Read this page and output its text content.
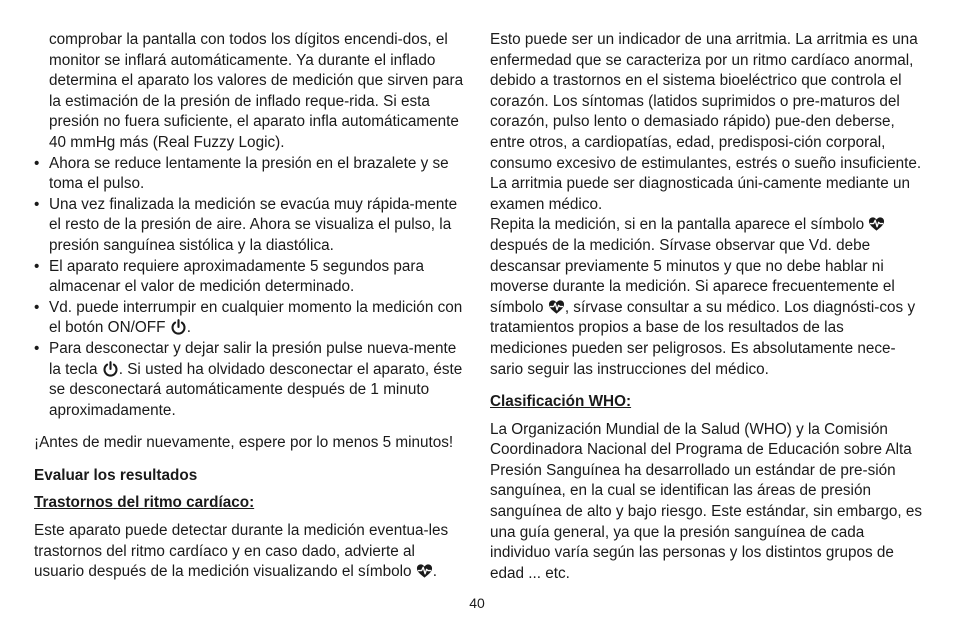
comprobar la pantalla con todos los dígitos encendi-dos, el monitor se inflará automáticamente. Ya durante el inflado determina el aparato los valores de medición que sirven para la estimación de la presión de inflado reque-rida. Si esta presión no fuera suficiente, el aparato infla automáticamente 40 mmHg más (Real Fuzzy Logic).

• Ahora se reduce lentamente la presión en el brazalete y se toma el pulso.
• Una vez finalizada la medición se evacúa muy rápida-mente el resto de la presión de aire. Ahora se visualiza el pulso, la presión sanguínea sistólica y la diastólica.
• El aparato requiere aproximadamente 5 segundos para almacenar el valor de medición determinado.
• Vd. puede interrumpir en cualquier momento la medición con el botón ON/OFF .
• Para desconectar y dejar salir la presión pulse nueva-mente la tecla . Si usted ha olvidado desconectar el aparato, éste se desconectará automáticamente después de 1 minuto aproximadamente.

¡Antes de medir nuevamente, espere por lo menos 5 minutos!

Evaluar los resultados

Trastornos del ritmo cardíaco:

Este aparato puede detectar durante la medición eventua-les trastornos del ritmo cardíaco y en caso dado, advierte al usuario después de la medición visualizando el símbolo .

Esto puede ser un indicador de una arritmia. La arritmia es una enfermedad que se caracteriza por un ritmo cardíaco anormal, debido a trastornos en el sistema bioeléctrico que controla el corazón. Los síntomas (latidos suprimidos o pre-maturos del corazón, pulso lento o demasiado rápido) pue-den deberse, entre otros, a cardiopatías, edad, predisposi-ción corporal, consumo excesivo de estimulantes, estrés o sueño insuficiente. La arritmia puede ser diagnosticada úni-camente mediante un examen médico.

Repita la medición, si en la pantalla aparece el símbolo  después de la medición. Sírvase observar que Vd. debe descansar previamente 5 minutos y que no debe hablar ni moverse durante la medición. Si aparece frecuentemente el símbolo , sírvase consultar a su médico. Los diagnósti-cos y tratamientos propios a base de los resultados de las mediciones pueden ser peligrosos. Es absolutamente nece-sario seguir las instrucciones del médico.

Clasificación WHO:

La Organización Mundial de la Salud (WHO) y la Comisión Coordinadora Nacional del Programa de Educación sobre Alta Presión Sanguínea ha desarrollado un estándar de pre-sión sanguínea, en la cual se identifican las áreas de presión sanguínea de alto y bajo riesgo. Este estándar, sin embargo, es una guía general, ya que la presión sanguínea de cada individuo varía según las personas y los distintos grupos de edad ... etc.

40
